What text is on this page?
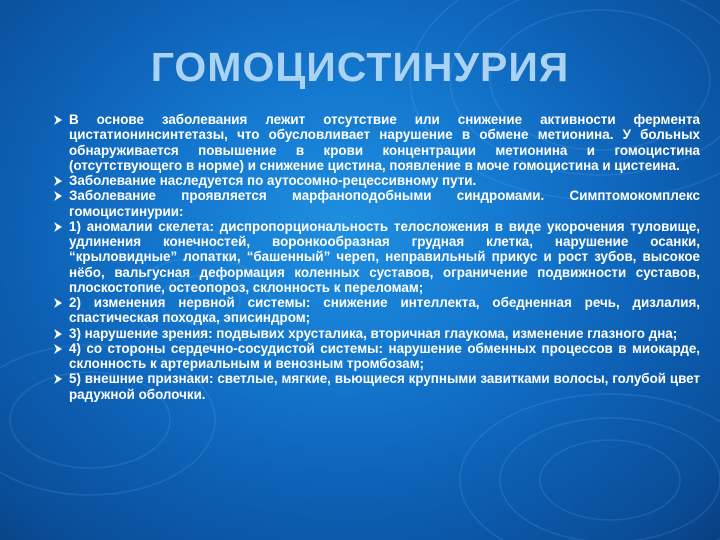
ГОМОЦИСТИНУРИЯ
В основе заболевания лежит отсутствие или снижение активности фермента цистатионинсинтетазы, что обусловливает нарушение в обмене метионина. У больных обнаруживается повышение в крови концентрации метионина и гомоцистина (отсутствующего в норме) и снижение цистина, появление в моче гомоцистина и цистеина.
Заболевание наследуется по аутосомно-рецессивному пути.
Заболевание проявляется марфаноподобными синдромами. Симптомокомплекс гомоцистинурии:
1) аномалии скелета: диспропорциональность телосложения в виде укорочения туловище, удлинения конечностей, воронкообразная грудная клетка, нарушение осанки, “крыловидные” лопатки, “башенный” череп, неправильный прикус и рост зубов, высокое нёбо, вальгусная деформация коленных суставов, ограничение подвижности суставов, плоскостопие, остеопороз, склонность к переломам;
2) изменения нервной системы: снижение интеллекта, обедненная речь, дизлалия, спастическая походка, эписиндром;
3) нарушение зрения: подвывих хрусталика, вторичная глаукома, изменение глазного дна;
4) со стороны сердечно-сосудистой системы: нарушение обменных процессов в миокарде, склонность к артериальным и венозным тромбозам;
5) внешние признаки: светлые, мягкие, вьющиеся крупными завитками волосы, голубой цвет радужной оболочки.
